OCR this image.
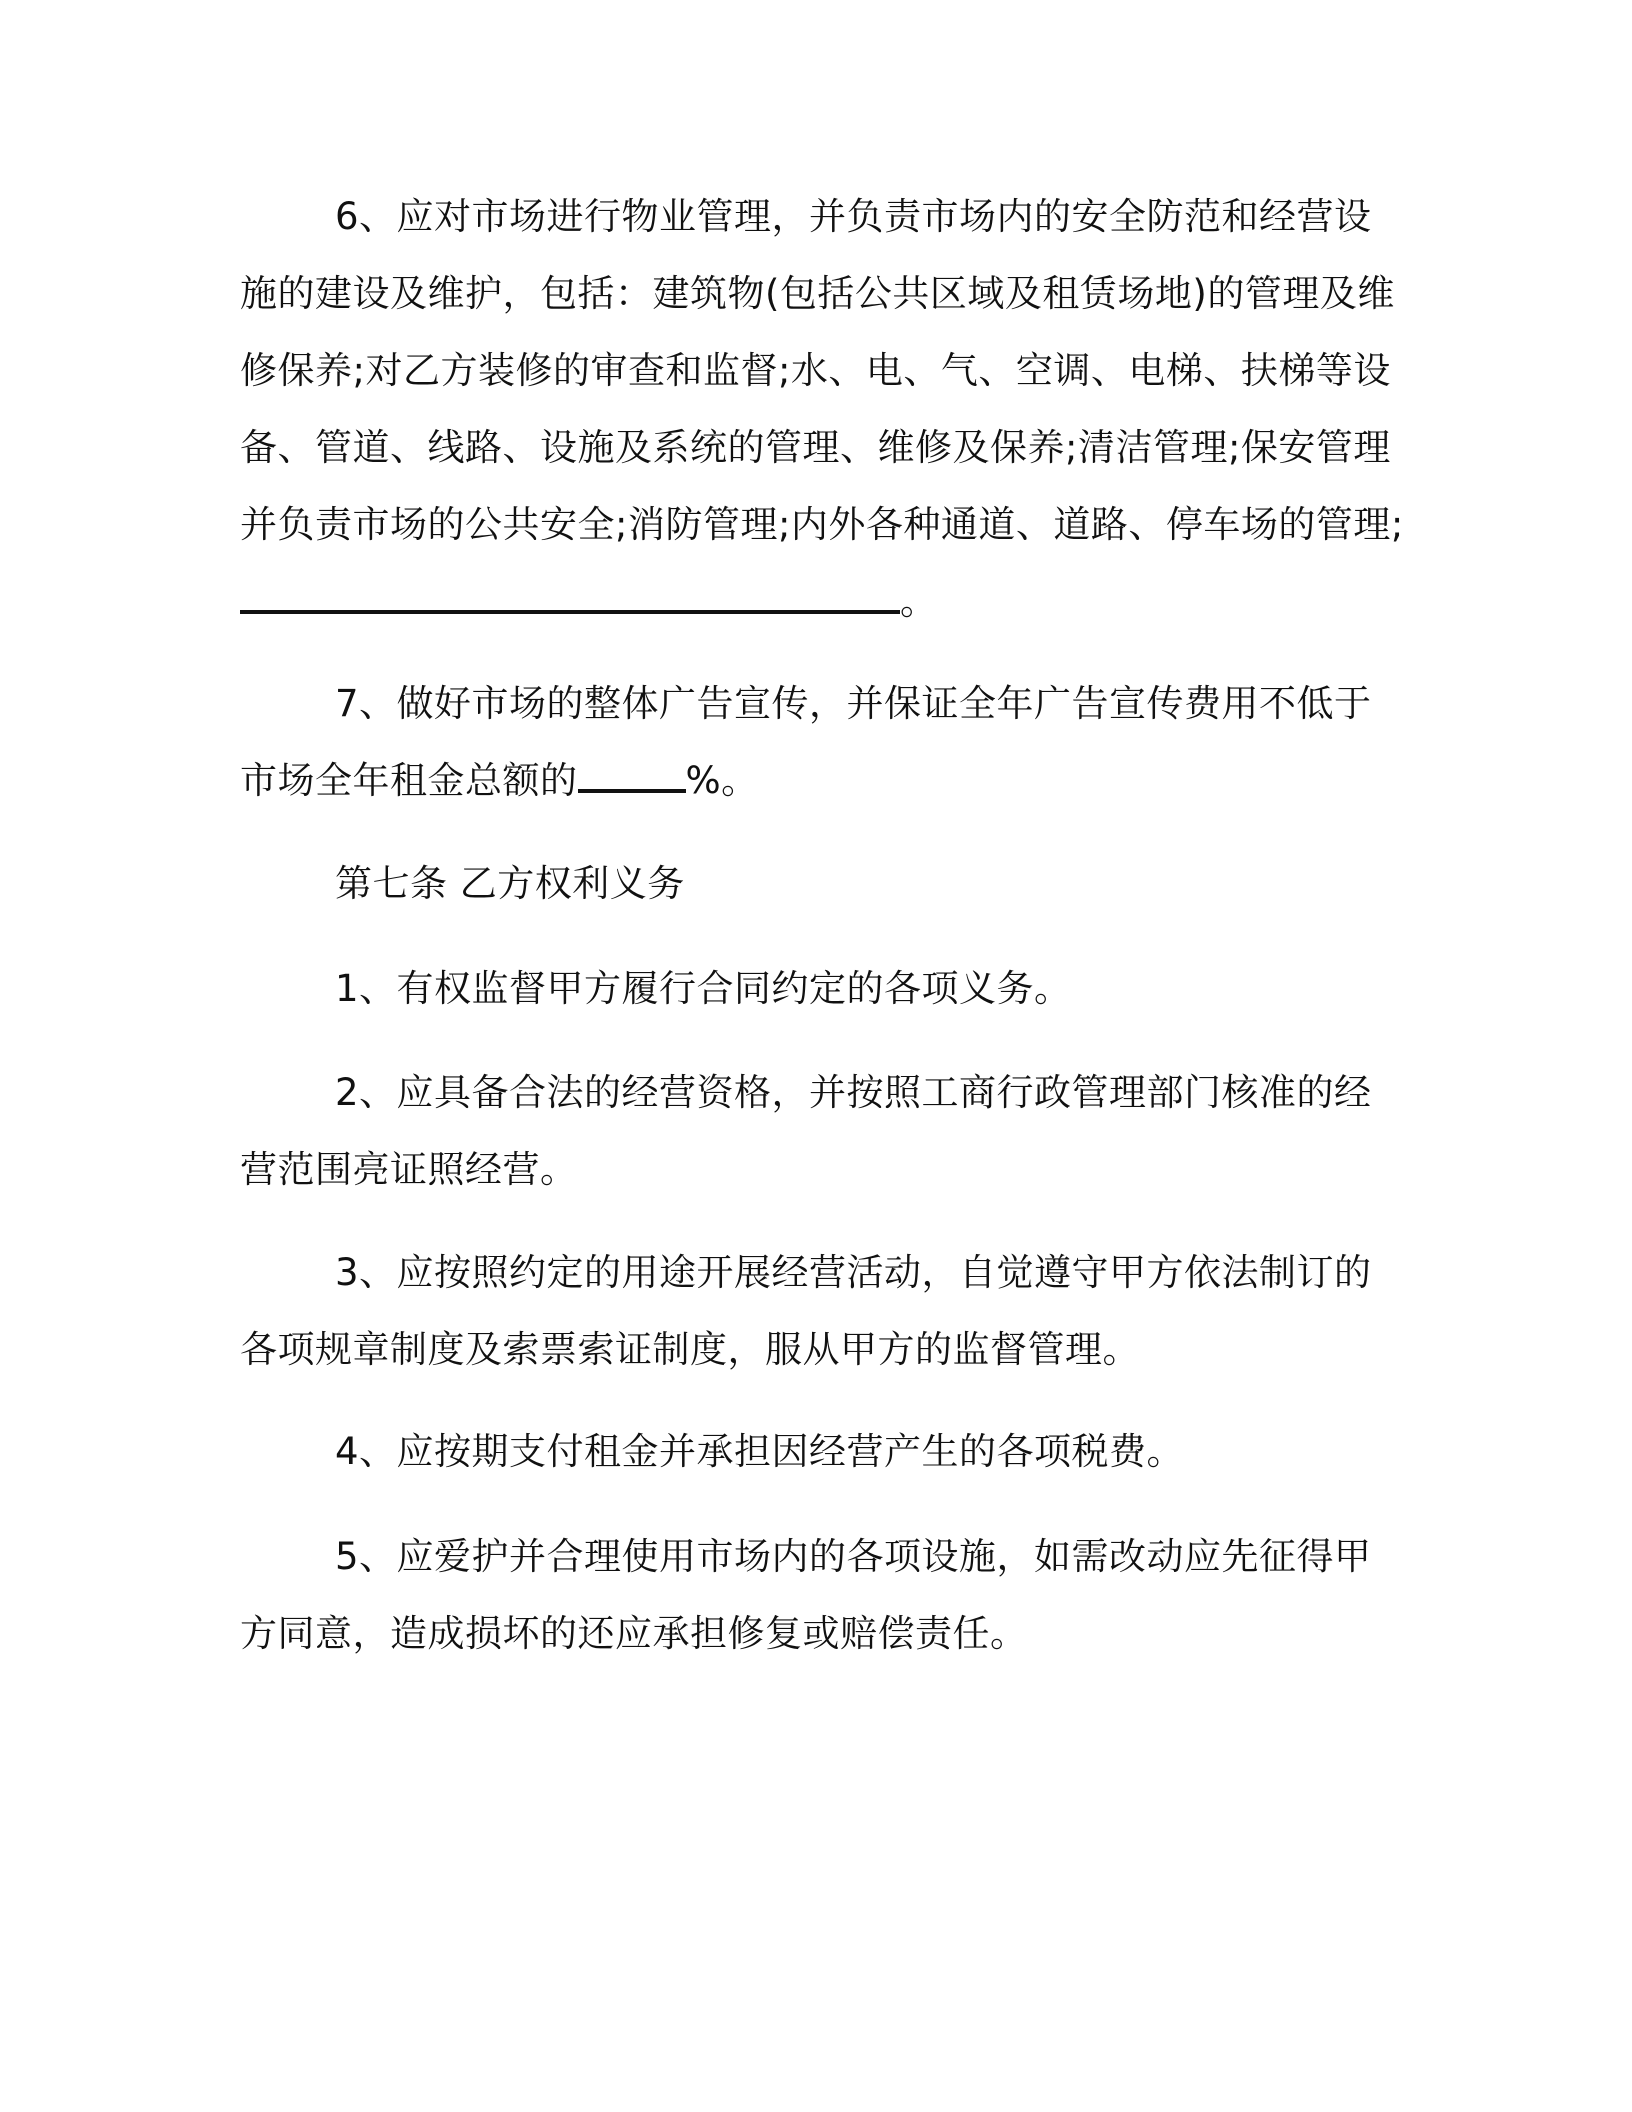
6、应对市场进行物业管理，并负责市场内的安全防范和经营设
施的建设及维护，包括：建筑物(包括公共区域及租赁场地)的管理及维
修保养;对乙方装修的审查和监督;水、电、气、空调、电梯、扶梯等设
备、管道、线路、设施及系统的管理、维修及保养;清洁管理;保安管理
并负责市场的公共安全;消防管理;内外各种通道、道路、停车场的管理;
。
7、做好市场的整体广告宣传，并保证全年广告宣传费用不低于
市场全年租金总额的	%。
第七条 乙方权利义务
1、有权监督甲方履行合同约定的各项义务。
2、应具备合法的经营资格，并按照工商行政管理部门核准的经
营范围亮证照经营。
3、应按照约定的用途开展经营活动，自觉遵守甲方依法制订的
各项规章制度及索票索证制度，服从甲方的监督管理。
4、应按期支付租金并承担因经营产生的各项税费。
5、应爱护并合理使用市场内的各项设施，如需改动应先征得甲
方同意，造成损坏的还应承担修复或赔偿责任。
